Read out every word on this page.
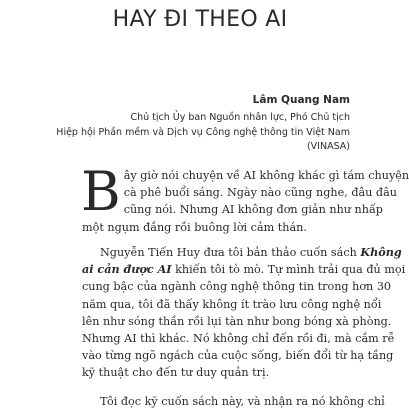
HAY ĐI THEO AI

Lâm Quang Nam

Chủ tịch Ủy ban Nguồn nhân lực, Phó Chủ tịch
Hiệp hội Phần mềm và Dịch vụ Công nghệ thông tin Việt Nam
(VINASA)

B ây giờ nói chuyện về AI không khác gì tám chuyện
cà phê buổi sáng. Ngày nào cũng nghe, đâu đâu
cũng nói. Nhưng AI không đơn giản như nhấp
một ngụm đắng rồi buông lời cảm thán.
Nguyễn Tiến Huy đưa tôi bản thảo cuốn sách Không
ai cản được AI khiến tôi tò mò. Tự mình trải qua đủ mọi
cung bậc của ngành công nghệ thông tin trong hơn 30
năm qua, tôi đã thấy không ít trào lưu công nghệ nổi
lên như sóng thần rồi lụi tàn như bong bóng xà phòng.
Nhưng AI thì khác. Nó không chỉ đến rồi đi, mà cắm rễ
vào từng ngõ ngách của cuộc sống, biến đổi từ hạ tầng
kỹ thuật cho đến tư duy quản trị.
Tôi đọc kỹ cuốn sách này, và nhận ra nó không chỉ
